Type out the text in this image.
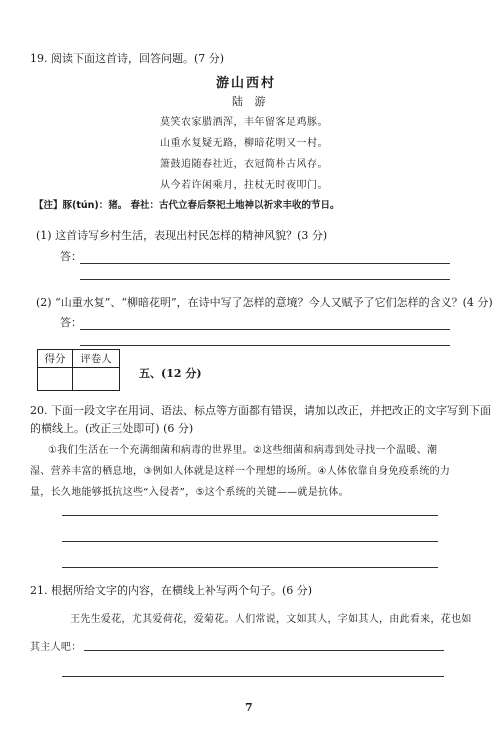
19. 阅读下面这首诗，回答问题。(7 分)
游山西村
陆 游
莫笑农家腊酒浑，丰年留客足鸡豚。
山重水复疑无路，柳暗花明又一村。
箫鼓追随春社近，衣冠简朴古风存。
从今若许闲乘月，拄杖无时夜叩门。
【注】豚(tún)：猪。 春社：古代立春后祭祀土地神以祈求丰收的节日。
(1) 这首诗写乡村生活，表现出村民怎样的精神风貌？(3 分)
答：
(2) “山重水复”、“柳暗花明”，在诗中写了怎样的意境？今人又赋予了它们怎样的含义？(4 分)
答：
得分	评卷人

五、(12 分)
20. 下面一段文字在用词、语法、标点等方面都有错误，请加以改正，并把改正的文字写到下面
的横线上。(改正三处即可) (6 分)
①我们生活在一个充满细菌和病毒的世界里。②这些细菌和病毒到处寻找一个温暖、潮
湿、营养丰富的栖息地，③例如人体就是这样一个理想的场所。④人体依靠自身免疫系统的力
量，长久地能够抵抗这些“入侵者”，⑤这个系统的关键——就是抗体。
21. 根据所给文字的内容，在横线上补写两个句子。(6 分)
王先生爱花，尤其爱荷花，爱菊花。人们常说，文如其人，字如其人，由此看来，花也如
其主人吧：
7
